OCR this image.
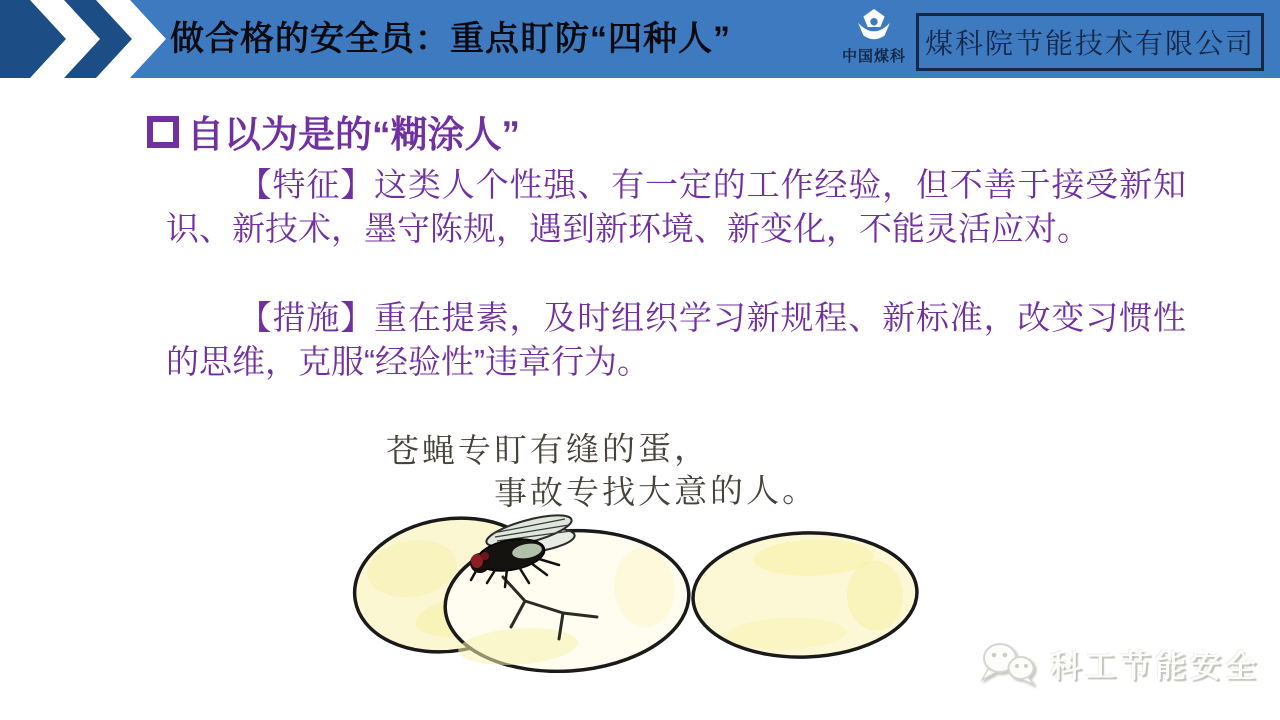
做合格的安全员：重点盯防“四种人”	中国煤科 煤科院节能技术有限公司
自以为是的“糊涂人”

【特征】这类人个性强、有一定的工作经验，但不善于接受新知识、新技术，墨守陈规，遇到新环境、新变化，不能灵活应对。

【措施】重在提素，及时组织学习新规程、新标准，改变习惯性的思维，克服“经验性”违章行为。

苍蝇专盯有缝的蛋，
事故专找大意的人。
科工节能安全
